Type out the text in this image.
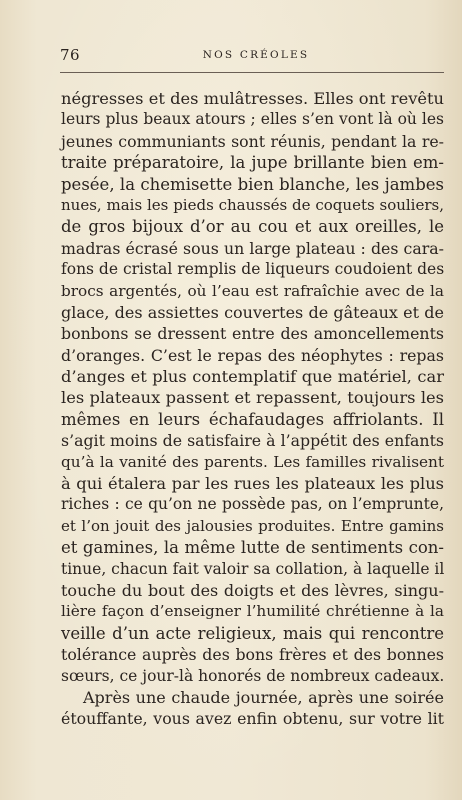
76	NOS CRÉOLES
négresses et des mulâtresses. Elles ont revêtu
leurs plus beaux atours ; elles s’en vont là où les
jeunes communiants sont réunis, pendant la re-
traite préparatoire, la jupe brillante bien em-
pesée, la chemisette bien blanche, les jambes
nues, mais les pieds chaussés de coquets souliers,
de gros bijoux d’or au cou et aux oreilles, le
madras écrasé sous un large plateau : des cara-
fons de cristal remplis de liqueurs coudoient des
brocs argentés, où l’eau est rafraîchie avec de la
glace, des assiettes couvertes de gâteaux et de
bonbons se dressent entre des amoncellements
d’oranges. C’est le repas des néophytes : repas
d’anges et plus contemplatif que matériel, car
les plateaux passent et repassent, toujours les
mêmes en leurs échafaudages affriolants. Il
s’agit moins de satisfaire à l’appétit des enfants
qu’à la vanité des parents. Les familles rivalisent
à qui étalera par les rues les plateaux les plus
riches : ce qu’on ne possède pas, on l’emprunte,
et l’on jouit des jalousies produites. Entre gamins
et gamines, la même lutte de sentiments con-
tinue, chacun fait valoir sa collation, à laquelle il
touche du bout des doigts et des lèvres, singu-
lière façon d’enseigner l’humilité chrétienne à la
veille d’un acte religieux, mais qui rencontre
tolérance auprès des bons frères et des bonnes
sœurs, ce jour-là honorés de nombreux cadeaux.
Après une chaude journée, après une soirée
étouffante, vous avez enfin obtenu, sur votre lit
